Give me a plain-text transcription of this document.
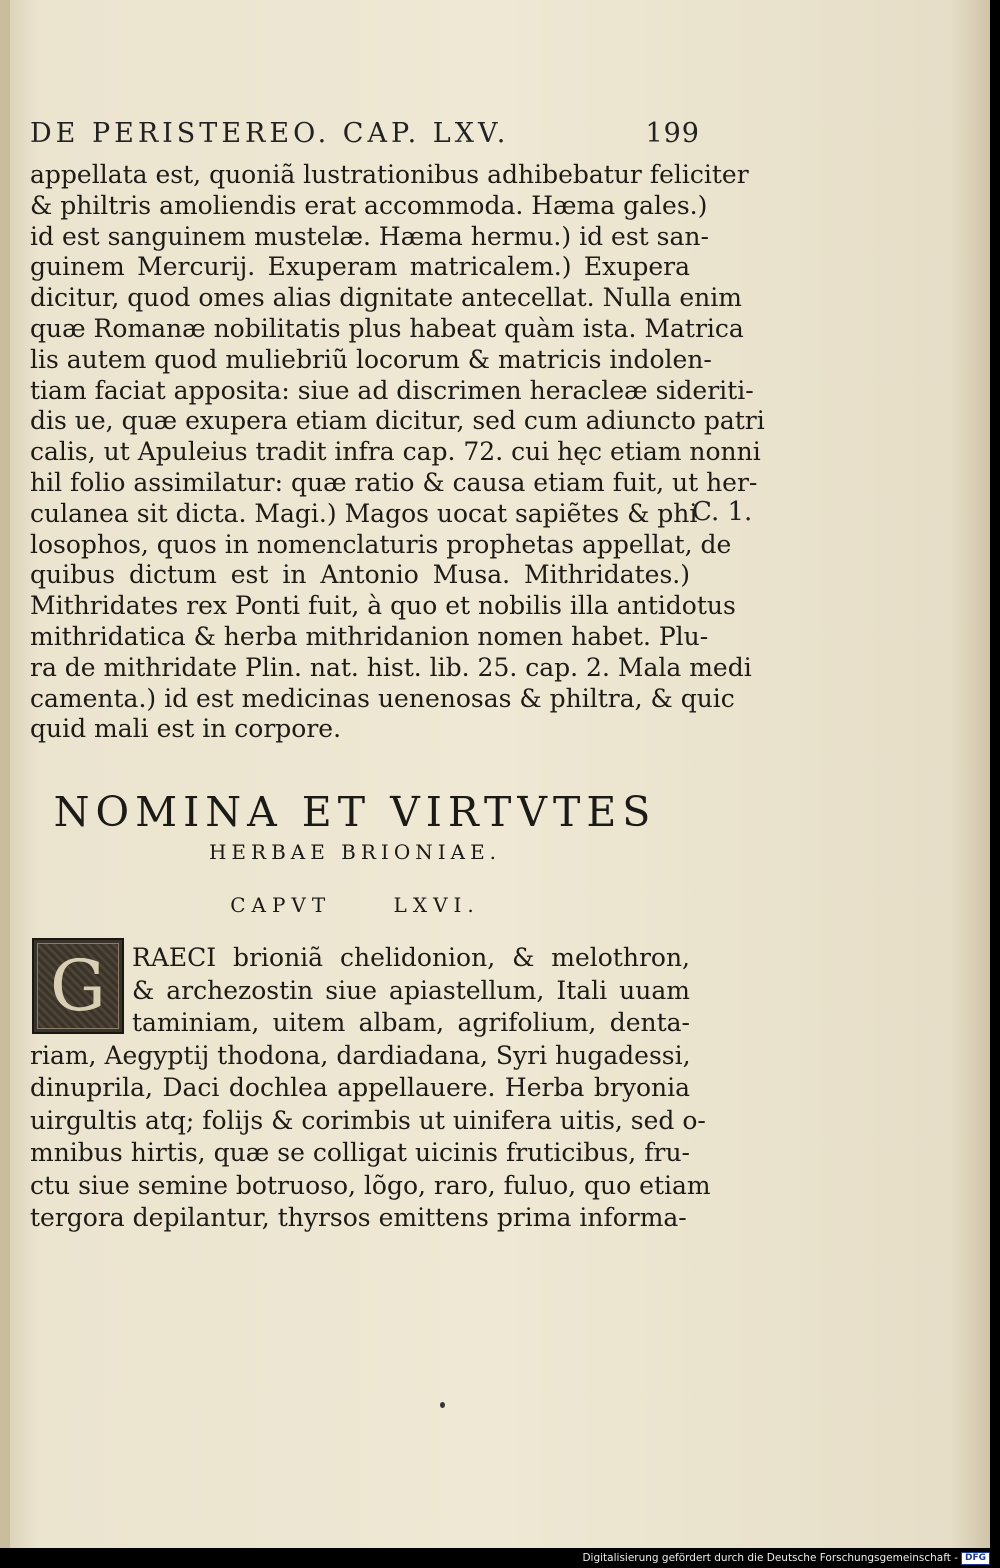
DE PERISTEREO. CAP. LXV.	199
appellata est, quoniã lustrationibus adhibebatur feliciter
& philtris amoliendis erat accommoda. Hæma gales.)
id est sanguinem mustelæ. Hæma hermu.) id est san-
guinem Mercurij. Exuperam matricalem.) Exupera
dicitur, quod omes alias dignitate antecellat. Nulla enim
quæ Romanæ nobilitatis plus habeat quàm ista. Matrica
lis autem quod muliebriũ locorum & matricis indolen-
tiam faciat apposita: siue ad discrimen heracleæ sideriti-
dis ue, quæ exupera etiam dicitur, sed cum adiuncto patri
calis, ut Apuleius tradit infra cap. 72. cui hęc etiam nonni
hil folio assimilatur: quæ ratio & causa etiam fuit, ut her-
culanea sit dicta. Magi.) Magos uocat sapiẽtes & phi
losophos, quos in nomenclaturis prophetas appellat, de
quibus dictum est in Antonio Musa. Mithridates.)
Mithridates rex Ponti fuit, à quo et nobilis illa antidotus
mithridatica & herba mithridanion nomen habet. Plu-
ra de mithridate Plin. nat. hist. lib. 25. cap. 2. Mala medi
camenta.) id est medicinas uenenosas & philtra, & quic
quid mali est in corpore.
C. 1.
NOMINA ET VIRTVTES
HERBAE BRIONIAE.
CAPVT LXVI.
G RAECI brioniã chelidonion, & melothron,
& archezostin siue apiastellum, Itali uuam
taminiam, uitem albam, agrifolium, denta-
riam, Aegyptij thodona, dardiadana, Syri hugadessi,
dinuprila, Daci dochlea appellauere. Herba bryonia
uirgultis atq; folijs & corimbis ut uinifera uitis, sed o-
mnibus hirtis, quæ se colligat uicinis fruticibus, fru-
ctu siue semine botruoso, lõgo, raro, fuluo, quo etiam
tergora depilantur, thyrsos emittens prima informa-
Digitalisierung gefördert durch die Deutsche Forschungsgemeinschaft - DFG
